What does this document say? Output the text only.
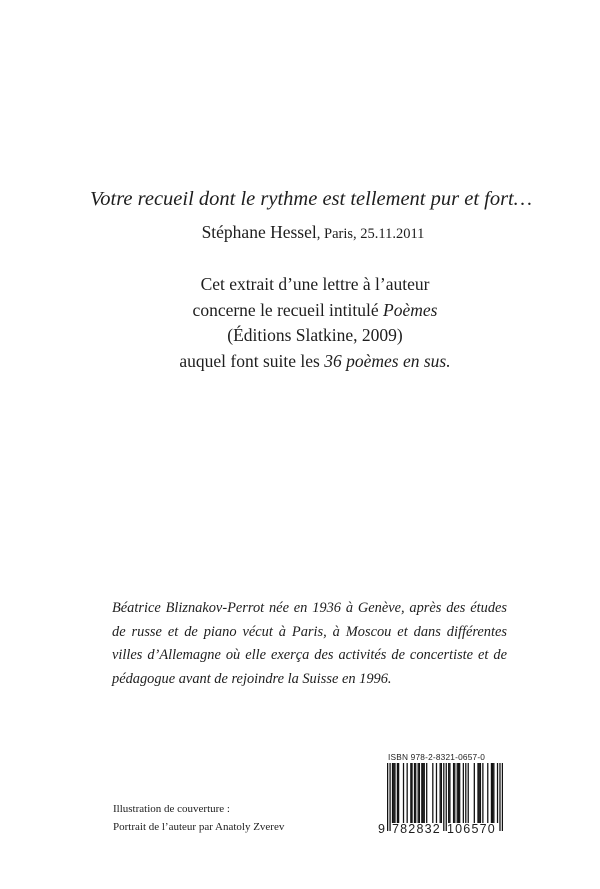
Votre recueil dont le rythme est tellement pur et fort…

Stéphane Hessel, Paris, 25.11.2011

Cet extrait d’une lettre à l’auteur
concerne le recueil intitulé Poèmes
(Éditions Slatkine, 2009)
auquel font suite les 36 poèmes en sus.
Béatrice Bliznakov-Perrot née en 1936 à Genève, après des études
de russe et de piano vécut à Paris, à Moscou et dans différentes
villes d’Allemagne où elle exerça des activités de concertiste et de
pédagogue avant de rejoindre la Suisse en 1996.
Illustration de couverture :
Portrait de l’auteur par Anatoly Zverev
ISBN 978-2-8321-0657-0
9 782832 106570
